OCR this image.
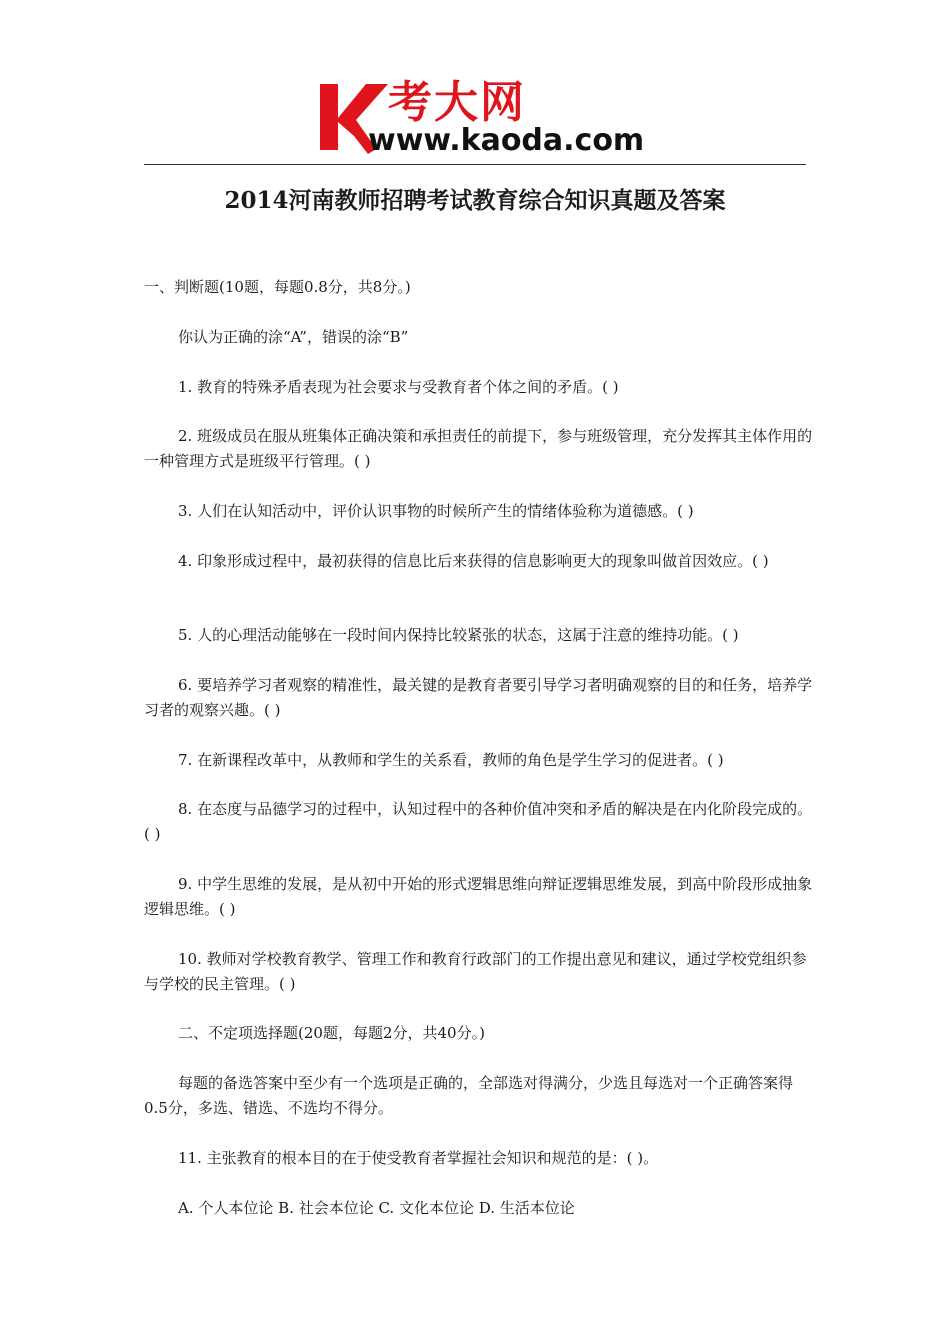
考大网
www.kaoda.com
2014河南教师招聘考试教育综合知识真题及答案

一、判断题(10题，每题0.8分，共8分。)

你认为正确的涂“A”，错误的涂“B”

1. 教育的特殊矛盾表现为社会要求与受教育者个体之间的矛盾。( )

2. 班级成员在服从班集体正确决策和承担责任的前提下，参与班级管理，充分发挥其主体作用的一种管理方式是班级平行管理。( )

3. 人们在认知活动中，评价认识事物的时候所产生的情绪体验称为道德感。( )

4. 印象形成过程中，最初获得的信息比后来获得的信息影响更大的现象叫做首因效应。( )

5. 人的心理活动能够在一段时间内保持比较紧张的状态，这属于注意的维持功能。( )

6. 要培养学习者观察的精准性，最关键的是教育者要引导学习者明确观察的目的和任务，培养学习者的观察兴趣。( )

7. 在新课程改革中，从教师和学生的关系看，教师的角色是学生学习的促进者。( )

8. 在态度与品德学习的过程中，认知过程中的各种价值冲突和矛盾的解决是在内化阶段完成的。( )

9. 中学生思维的发展，是从初中开始的形式逻辑思维向辩证逻辑思维发展，到高中阶段形成抽象逻辑思维。( )

10. 教师对学校教育教学、管理工作和教育行政部门的工作提出意见和建议，通过学校党组织参与学校的民主管理。( )

二、不定项选择题(20题，每题2分，共40分。)

每题的备选答案中至少有一个选项是正确的，全部选对得满分，少选且每选对一个正确答案得0.5分，多选、错选、不选均不得分。

11. 主张教育的根本目的在于使受教育者掌握社会知识和规范的是：( )。

A. 个人本位论 B. 社会本位论 C. 文化本位论 D. 生活本位论
